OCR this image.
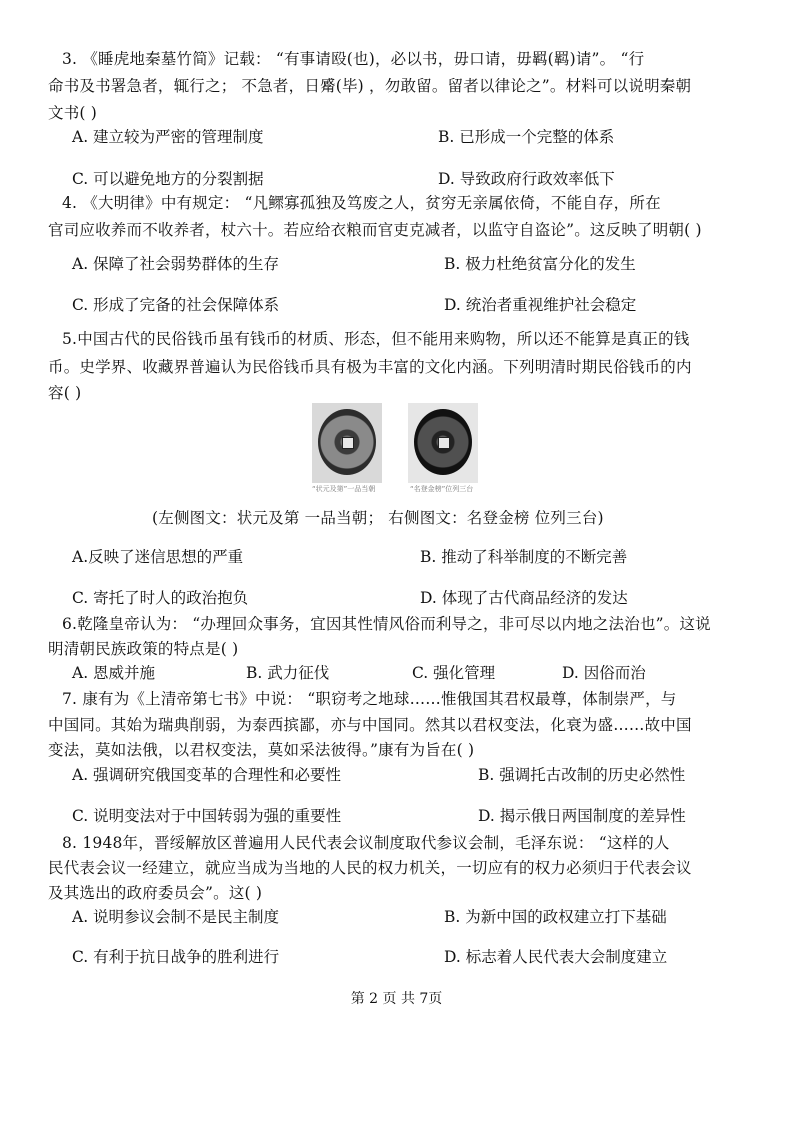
3. 《睡虎地秦墓竹简》记载： “有事请殴(也)，必以书，毋口请，毋羁(羁)请”。 “行
命书及书署急者，辄行之； 不急者，日觱(毕) ，勿敢留。留者以律论之”。材料可以说明秦朝
文书( )
A. 建立较为严密的管理制度	B. 已形成一个完整的体系
C. 可以避免地方的分裂割据	D. 导致政府行政效率低下
4. 《大明律》中有规定： “凡鳏寡孤独及笃废之人，贫穷无亲属依倚，不能自存，所在
官司应收养而不收养者，杖六十。若应给衣粮而官吏克减者，以监守自盗论”。这反映了明朝( )
A. 保障了社会弱势群体的生存	B. 极力杜绝贫富分化的发生
C. 形成了完备的社会保障体系	D. 统治者重视维护社会稳定
5.中国古代的民俗钱币虽有钱币的材质、形态，但不能用来购物，所以还不能算是真正的钱
币。史学界、收藏界普遍认为民俗钱币具有极为丰富的文化内涵。下列明清时期民俗钱币的内
容( )
“状元及第”一品当朝	“名登金榜”位列三台
(左侧图文：状元及第 一品当朝； 右侧图文：名登金榜 位列三台)
A.反映了迷信思想的严重	B. 推动了科举制度的不断完善
C. 寄托了时人的政治抱负	D. 体现了古代商品经济的发达
6.乾隆皇帝认为： “办理回众事务，宜因其性情风俗而利导之，非可尽以内地之法治也”。这说
明清朝民族政策的特点是( )
A. 恩威并施	B. 武力征伐	C. 强化管理	D. 因俗而治
7. 康有为《上清帝第七书》中说： “职窃考之地球……惟俄国其君权最尊，体制崇严，与
中国同。其始为瑞典削弱，为泰西摈鄙，亦与中国同。然其以君权变法，化衰为盛……故中国
变法，莫如法俄，以君权变法，莫如采法彼得。”康有为旨在( )
A. 强调研究俄国变革的合理性和必要性	B. 强调托古改制的历史必然性
C. 说明变法对于中国转弱为强的重要性	D. 揭示俄日两国制度的差异性
8. 1948年，晋绥解放区普遍用人民代表会议制度取代参议会制，毛泽东说： “这样的人
民代表会议一经建立，就应当成为当地的人民的权力机关，一切应有的权力必须归于代表会议
及其选出的政府委员会”。这( )
A. 说明参议会制不是民主制度	B. 为新中国的政权建立打下基础
C. 有利于抗日战争的胜利进行	D. 标志着人民代表大会制度建立
第 2 页 共 7页
